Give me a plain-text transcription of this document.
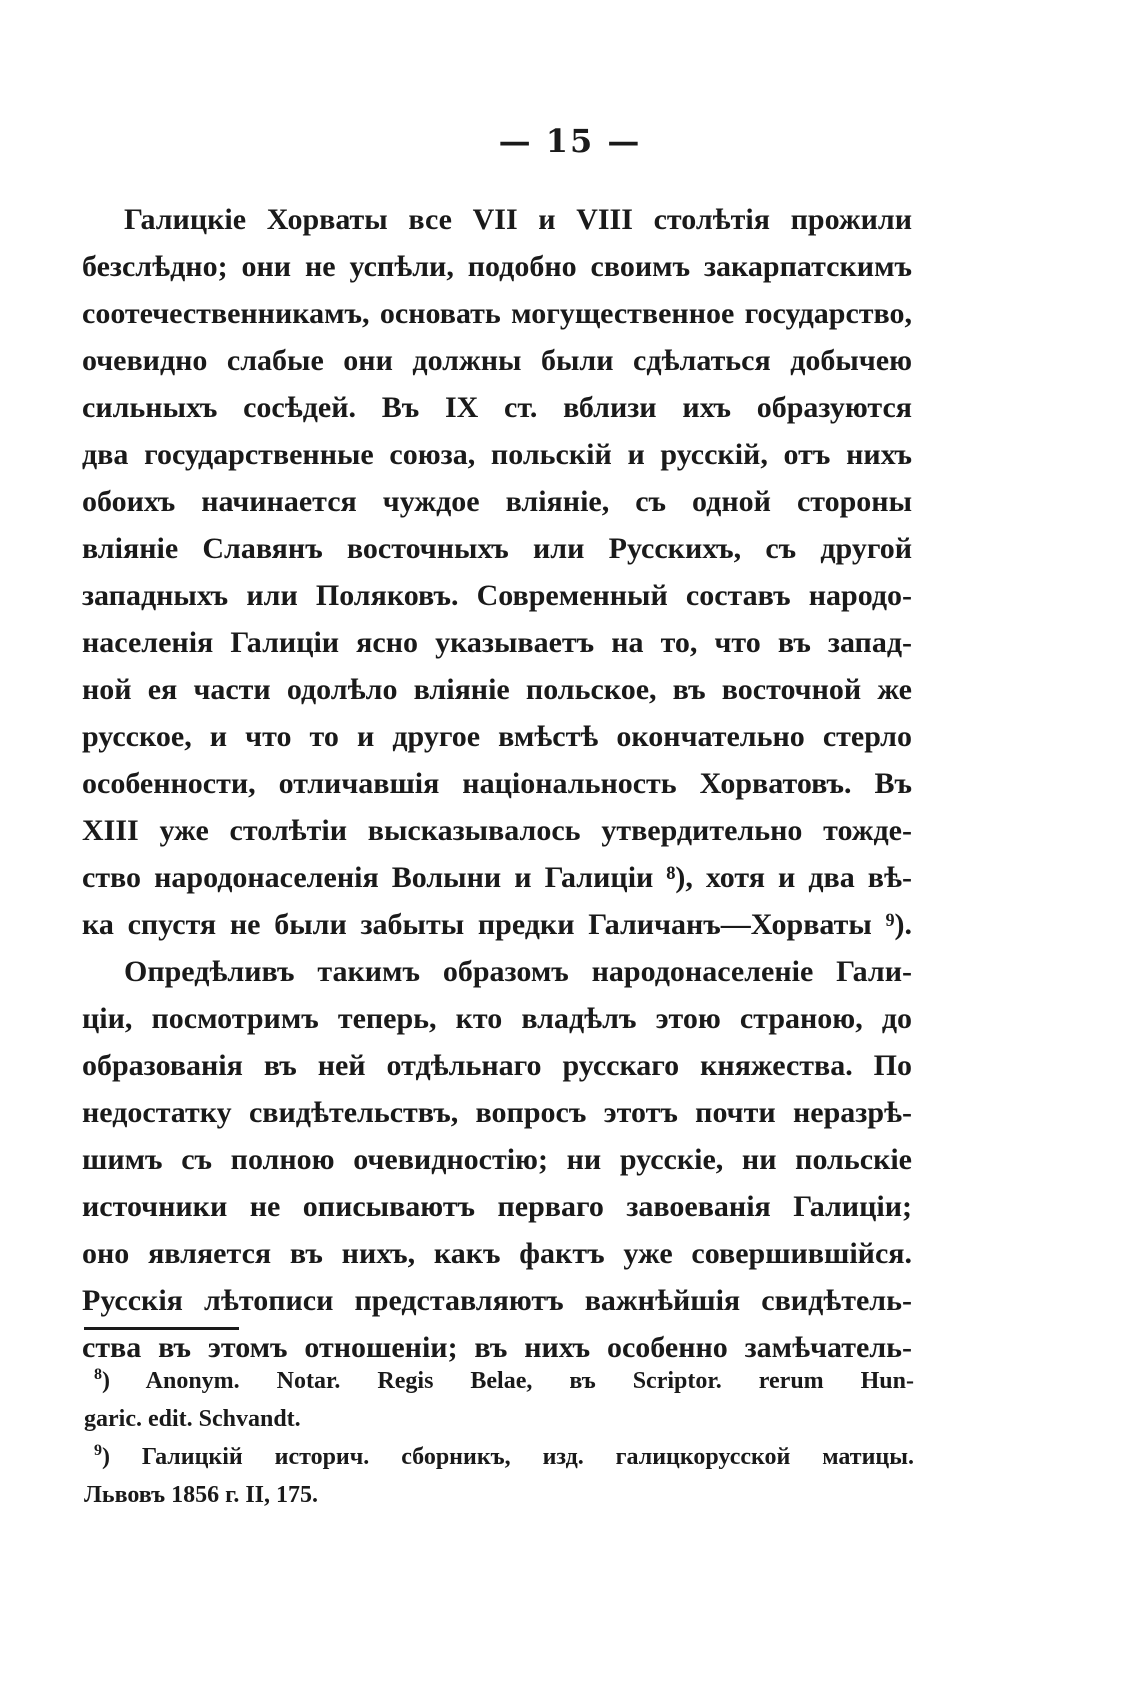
— 15 —
Галицкіе Хорваты все VII и VIII столѣтія прожили
безслѣдно; они не успѣли, подобно своимъ закарпатскимъ
соотечественникамъ, основать могущественное государство,
очевидно слабые они должны были сдѣлаться добычею
сильныхъ сосѣдей. Въ IX ст. вблизи ихъ образуются
два государственные союза, польскій и русскій, отъ нихъ
обоихъ начинается чуждое вліяніе, съ одной стороны
вліяніе Славянъ восточныхъ или Русскихъ, съ другой
западныхъ или Поляковъ. Современный составъ народо-
населенія Галиціи ясно указываетъ на то, что въ запад-
ной ея части одолѣло вліяніе польское, въ восточной же
русское, и что то и другое вмѣстѣ окончательно стерло
особенности, отличавшія національность Хорватовъ. Въ
XIII уже столѣтіи высказывалось утвердительно тожде-
ство народонаселенія Волыни и Галиціи ⁸), хотя и два вѣ-
ка спустя не были забыты предки Галичанъ—Хорваты ⁹).
Опредѣливъ такимъ образомъ народонаселеніе Гали-
ціи, посмотримъ теперь, кто владѣлъ этою страною, до
образованія въ ней отдѣльнаго русскаго княжества. По
недостатку свидѣтельствъ, вопросъ этотъ почти неразрѣ-
шимъ съ полною очевидностію; ни русскіе, ни польскіе
источники не описываютъ перваго завоеванія Галиціи;
оно является въ нихъ, какъ фактъ уже совершившійся.
Русскія лѣтописи представляютъ важнѣйшія свидѣтель-
ства въ этомъ отношеніи; въ нихъ особенно замѣчатель-
$^8$) Anonym. Notar. Regis Belae, въ Scriptor. rerum Hun-
garic. edit. Schvandt.
$^9$) Галицкій историч. сборникъ, изд. галицкорусской матицы.
Львовъ 1856 г. II, 175.
